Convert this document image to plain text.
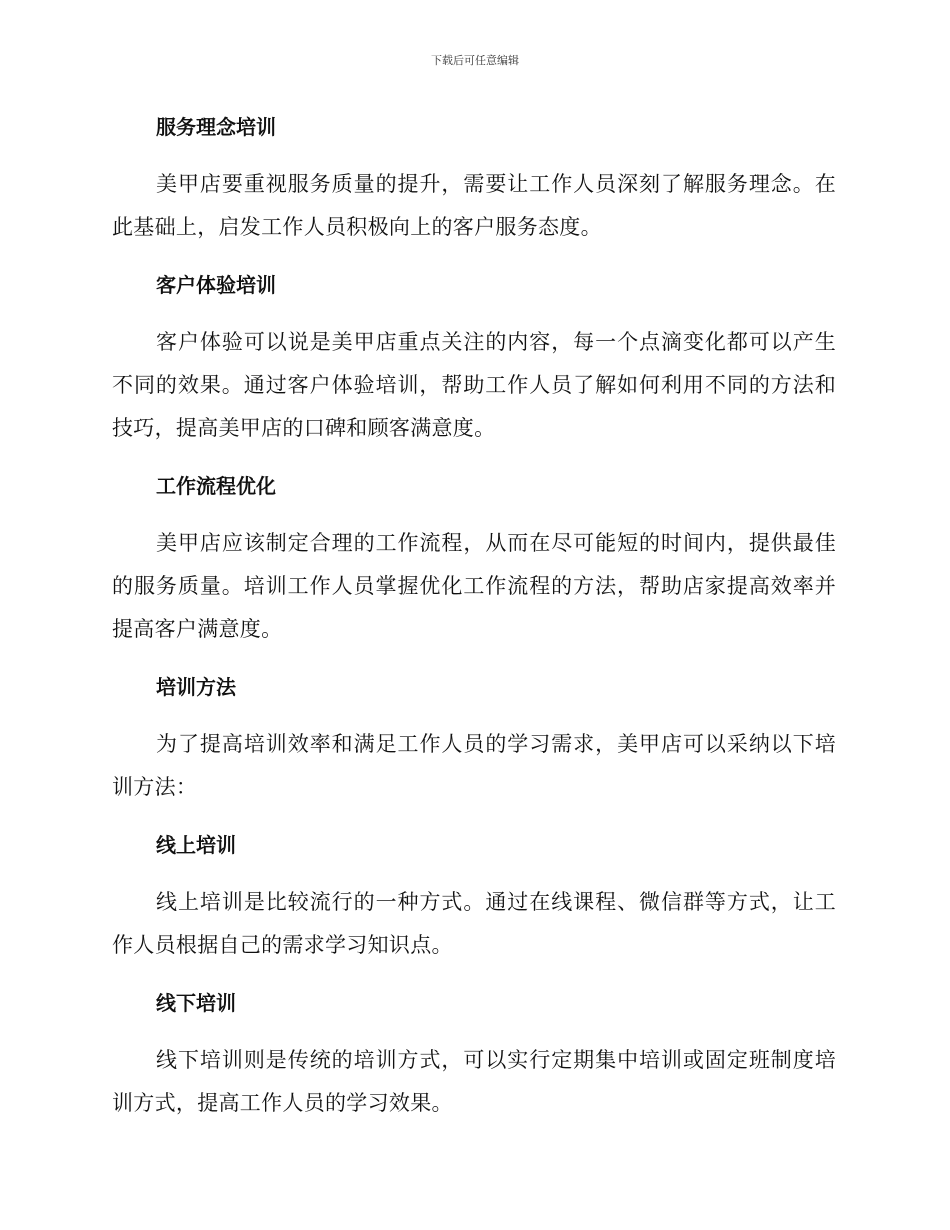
下载后可任意编辑
服务理念培训

美甲店要重视服务质量的提升，需要让工作人员深刻了解服务理念。在此基础上，启发工作人员积极向上的客户服务态度。

客户体验培训

客户体验可以说是美甲店重点关注的内容，每一个点滴变化都可以产生不同的效果。通过客户体验培训，帮助工作人员了解如何利用不同的方法和技巧，提高美甲店的口碑和顾客满意度。

工作流程优化

美甲店应该制定合理的工作流程，从而在尽可能短的时间内，提供最佳的服务质量。培训工作人员掌握优化工作流程的方法，帮助店家提高效率并提高客户满意度。

培训方法

为了提高培训效率和满足工作人员的学习需求，美甲店可以采纳以下培训方法：

线上培训

线上培训是比较流行的一种方式。通过在线课程、微信群等方式，让工作人员根据自己的需求学习知识点。

线下培训

线下培训则是传统的培训方式，可以实行定期集中培训或固定班制度培训方式，提高工作人员的学习效果。
